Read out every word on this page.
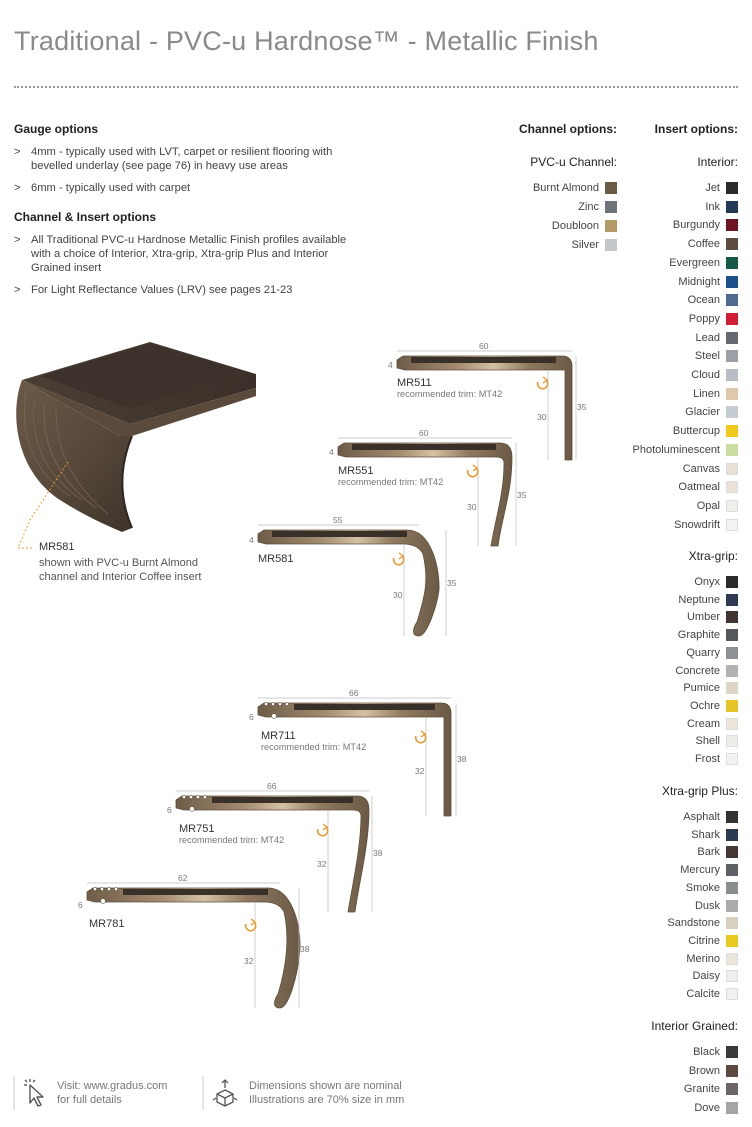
Traditional - PVC-u Hardnose™ - Metallic Finish
Gauge options
> 4mm - typically used with LVT, carpet or resilient flooring with bevelled underlay (see page 76) in heavy use areas
> 6mm - typically used with carpet
Channel & Insert options
> All Traditional PVC-u Hardnose Metallic Finish profiles available with a choice of Interior, Xtra-grip, Xtra-grip Plus and Interior Grained insert
> For Light Reflectance Values (LRV) see pages 21-23
Channel options:
PVC-u Channel:
Burnt Almond
Zinc
Doubloon
Silver
Insert options:
Interior:
Jet
Ink
Burgundy
Coffee
Evergreen
Midnight
Ocean
Poppy
Lead
Steel
Cloud
Linen
Glacier
Buttercup
Photoluminescent
Canvas
Oatmeal
Opal
Snowdrift
Xtra-grip:
Onyx
Neptune
Umber
Graphite
Quarry
Concrete
Pumice
Ochre
Cream
Shell
Frost
Xtra-grip Plus:
Asphalt
Shark
Bark
Mercury
Smoke
Dusk
Sandstone
Citrine
Merino
Daisy
Calcite
Interior Grained:
Black
Brown
Granite
Dove
MR581
shown with PVC-u Burnt Almond channel and Interior Coffee insert
MR511
recommended trim: MT42
60
4
30
35
MR551
recommended trim: MT42
60
4
30
35
MR581
55
4
30
35
MR711
recommended trim: MT42
66
6
32
38
MR751
recommended trim: MT42
66
6
32
38
MR781
62
6
32
38
Visit: www.gradus.com
for full details
Dimensions shown are nominal
Illustrations are 70% size in mm
